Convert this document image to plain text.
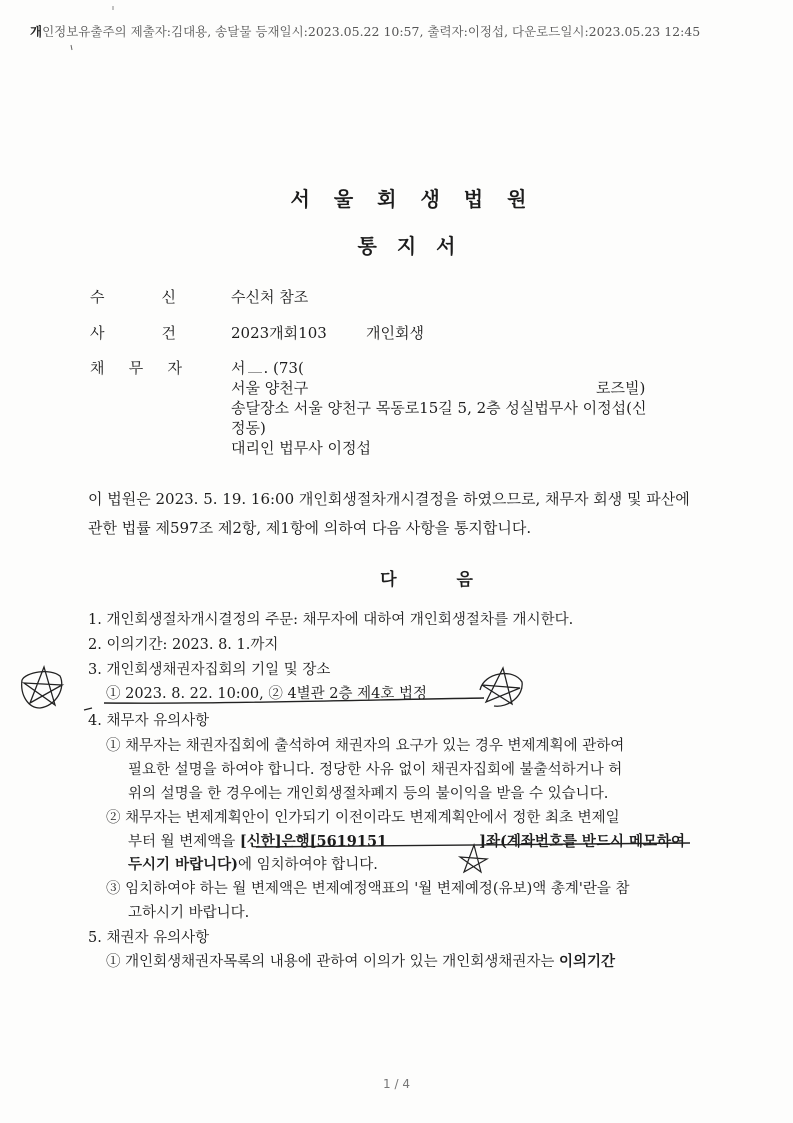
개인정보유출주의 제출자:김대용, 송달물 등재일시:2023.05.22 10:57, 출력자:이정섭, 다운로드일시:2023.05.23 12:45
서울회생법원
통지서
수	신	수신처 참조
사	건	2023개회103	개인회생
채 무 자	서 . (73(
서울 양천구	로즈빌)
송달장소 서울 양천구 목동로15길 5, 2층 성실법무사 이정섭(신
정동)
대리인 법무사 이정섭
이 법원은 2023. 5. 19. 16:00 개인회생절차개시결정을 하였으므로, 채무자 회생 및 파산에 관한 법률 제597조 제2항, 제1항에 의하여 다음 사항을 통지합니다.
다음
1. 개인회생절차개시결정의 주문: 채무자에 대하여 개인회생절차를 개시한다.
2. 이의기간: 2023. 8. 1.까지
3. 개인회생채권자집회의 기일 및 장소
① 2023. 8. 22. 10:00, ② 4별관 2층 제4호 법정
4. 채무자 유의사항
① 채무자는 채권자집회에 출석하여 채권자의 요구가 있는 경우 변제계획에 관하여
필요한 설명을 하여야 합니다. 정당한 사유 없이 채권자집회에 불출석하거나 허
위의 설명을 한 경우에는 개인회생절차폐지 등의 불이익을 받을 수 있습니다.
② 채무자는 변제계획안이 인가되기 이전이라도 변제계획안에서 정한 최초 변제일
부터 월 변제액을 [신한]은행[5619151	]좌(계좌번호를 반드시 메모하여
두시기 바랍니다)에 임치하여야 합니다.
③ 임치하여야 하는 월 변제액은 변제예정액표의 '월 변제예정(유보)액 총계'란을 참
고하시기 바랍니다.
5. 채권자 유의사항
① 개인회생채권자목록의 내용에 관하여 이의가 있는 개인회생채권자는 이의기간
1 / 4
